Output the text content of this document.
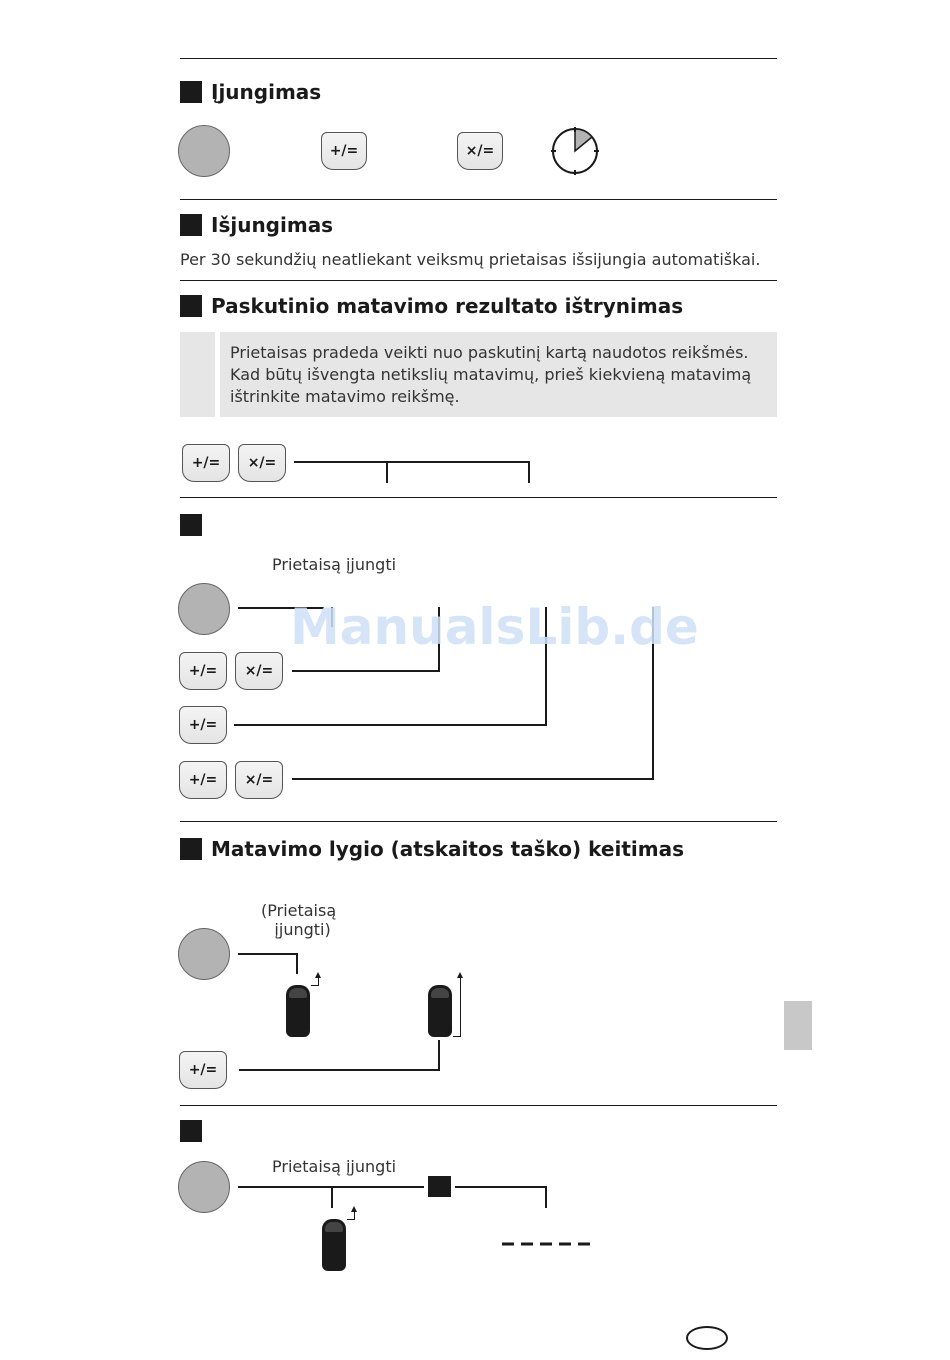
Įjungimas
+/=	×/=
Išjungimas
Per 30 sekundžių neatliekant veiksmų prietaisas išsijungia automatiškai.
Paskutinio matavimo rezultato ištrynimas
Prietaisas pradeda veikti nuo paskutinį kartą naudotos reikšmės.
Kad būtų išvengta netikslių matavimų, prieš kiekvieną matavimą
ištrinkite matavimo reikšmę.
+/=	×/=
Prietaisą įjungti
ManualsLib.de
+/=	×/=
+/=
+/=	×/=
Matavimo lygio (atskaitos taško) keitimas
(Prietaisą
įjungti)
+/=
Prietaisą įjungti
